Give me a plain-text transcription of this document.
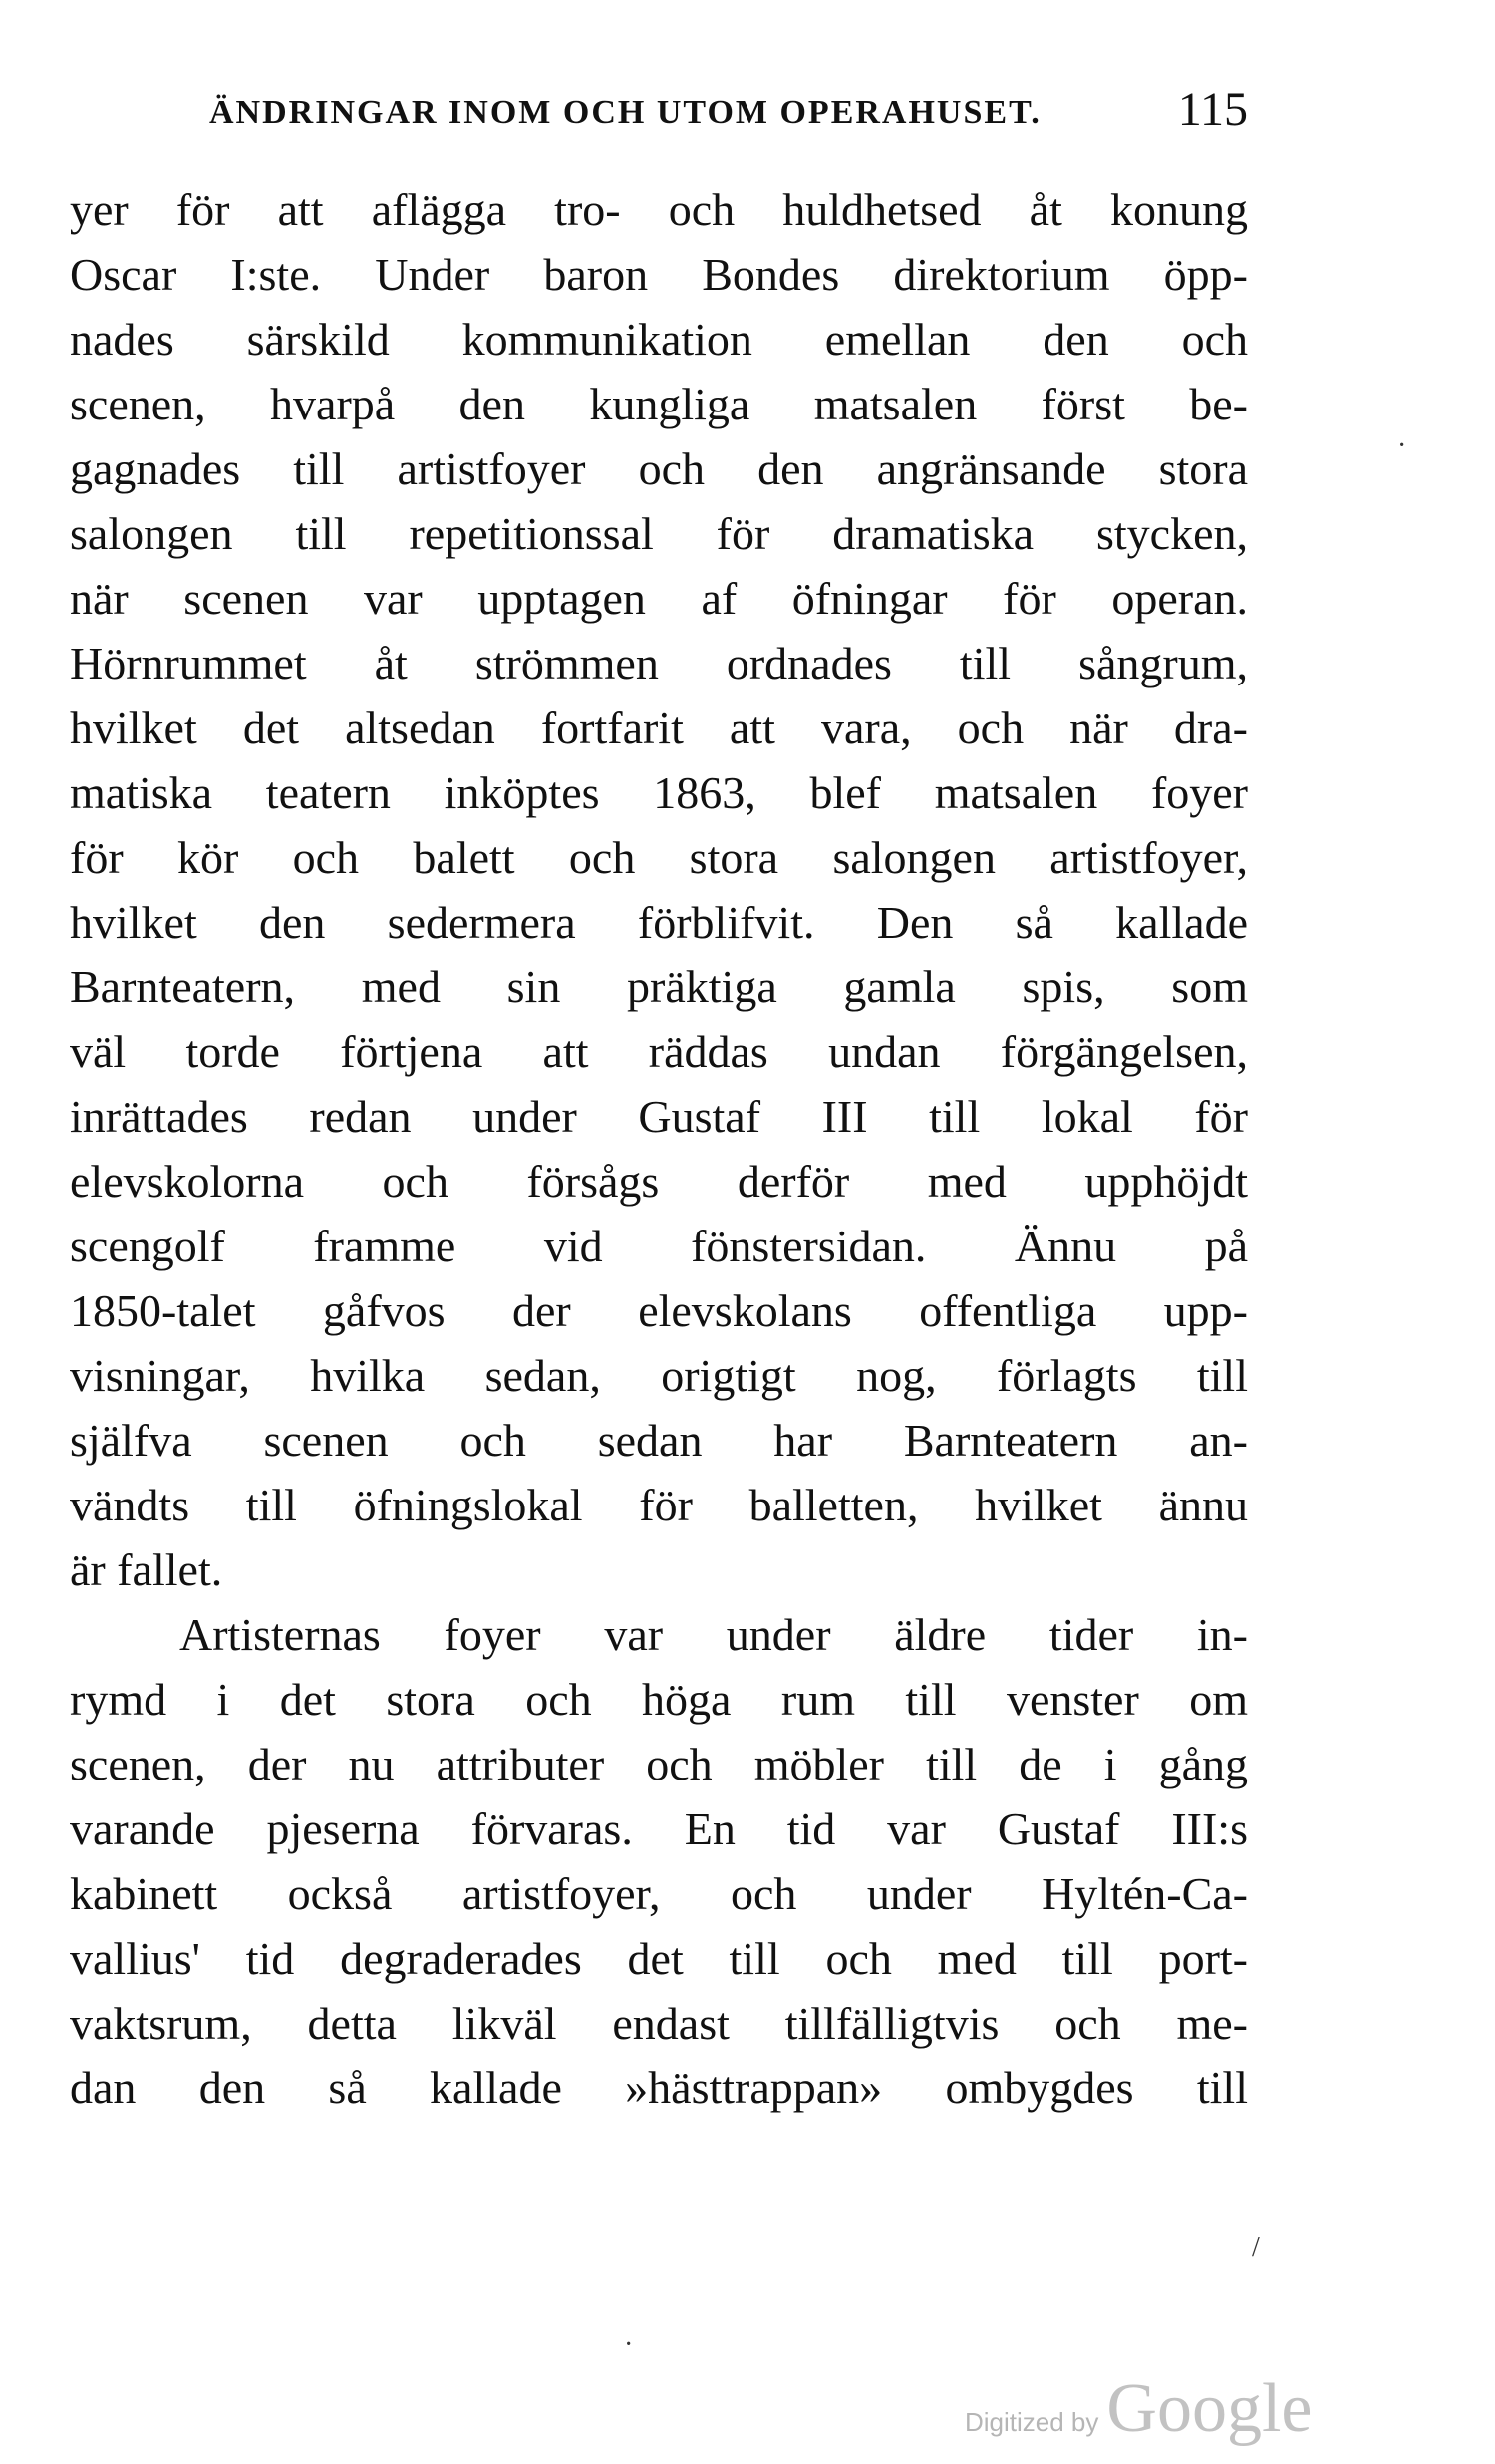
ÄNDRINGAR INOM OCH UTOM OPERAHUSET.	115
yer för att aflägga tro- och huldhetsed åt konung
Oscar I:ste. Under baron Bondes direktorium öpp-
nades särskild kommunikation emellan den och
scenen, hvarpå den kungliga matsalen först be-
gagnades till artistfoyer och den angränsande stora
salongen till repetitionssal för dramatiska stycken,
när scenen var upptagen af öfningar för operan.
Hörnrummet åt strömmen ordnades till sångrum,
hvilket det altsedan fortfarit att vara, och när dra-
matiska teatern inköptes 1863, blef matsalen foyer
för kör och balett och stora salongen artistfoyer,
hvilket den sedermera förblifvit. Den så kallade
Barnteatern, med sin präktiga gamla spis, som
väl torde förtjena att räddas undan förgängelsen,
inrättades redan under Gustaf III till lokal för
elevskolorna och försågs derför med upphöjdt
scengolf framme vid fönstersidan. Ännu på
1850-talet gåfvos der elevskolans offentliga upp-
visningar, hvilka sedan, origtigt nog, förlagts till
själfva scenen och sedan har Barnteatern an-
vändts till öfningslokal för balletten, hvilket ännu
är fallet.
Artisternas foyer var under äldre tider in-
rymd i det stora och höga rum till venster om
scenen, der nu attributer och möbler till de i gång
varande pjeserna förvaras. En tid var Gustaf III:s
kabinett också artistfoyer, och under Hyltén-Ca-
vallius' tid degraderades det till och med till port-
vaktsrum, detta likväl endast tillfälligtvis och me-
dan den så kallade »hästtrappan» ombygdes till
·
/
·
Digitized by Google
